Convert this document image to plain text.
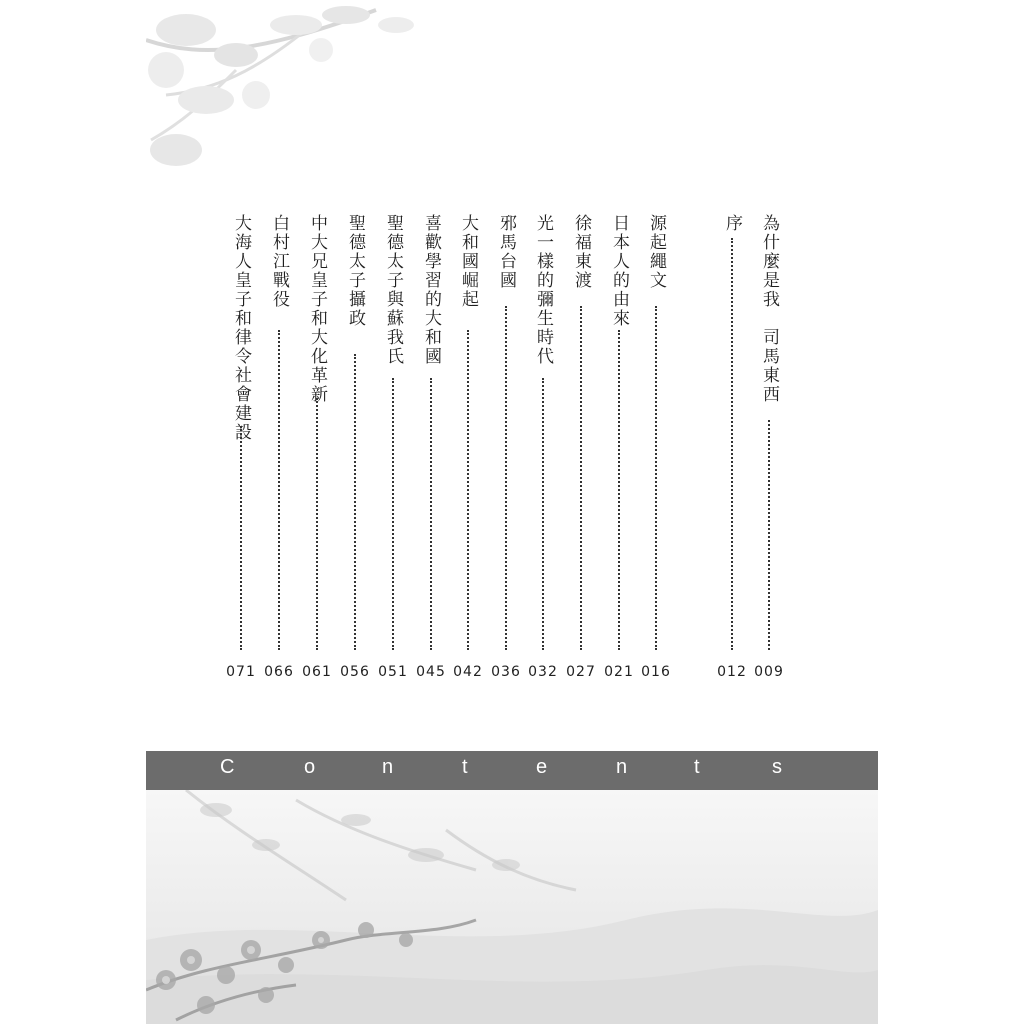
為什麼是我　司馬東西
009
序
012
源起繩文
016
日本人的由來
021
徐福東渡
027
光一樣的彌生時代
032
邪馬台國
036
大和國崛起
042
喜歡學習的大和國
045
聖德太子與蘇我氏
051
聖德太子攝政
056
中大兄皇子和大化革新
061
白村江戰役
066
大海人皇子和律令社會建設
071
C	o	n	t	e	n	t	s
